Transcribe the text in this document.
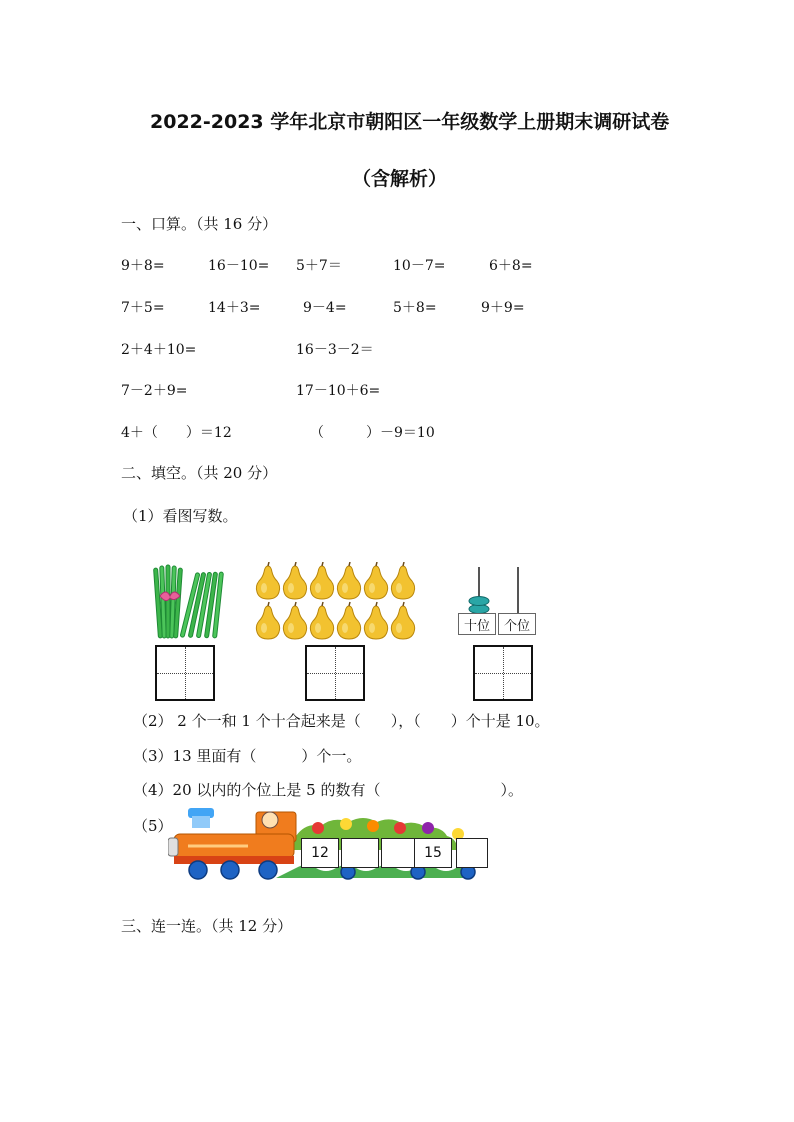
2022-2023 学年北京市朝阳区一年级数学上册期末调研试卷
（含解析）
一、口算。（共 16 分）
9＋8=	16－10= 5＋7＝	10－7=	6＋8=
7＋5=	14＋3=	9－4=	5＋8=	9＋9=
2＋4＋10=	16－3－2＝
7－2＋9=	17－10＋6=
4＋（　　）＝12	（　　　）－9＝10
二、填空。（共 20 分）
（1）看图写数。
十位	个位
（2） 2 个一和 1 个十合起来是（　　），（　　）个十是 10。
（3）13 里面有（　　　）个一。
（4）20 以内的个位上是 5 的数有（　　　　　　　　）。
（5）
12	15
三、连一连。（共 12 分）
